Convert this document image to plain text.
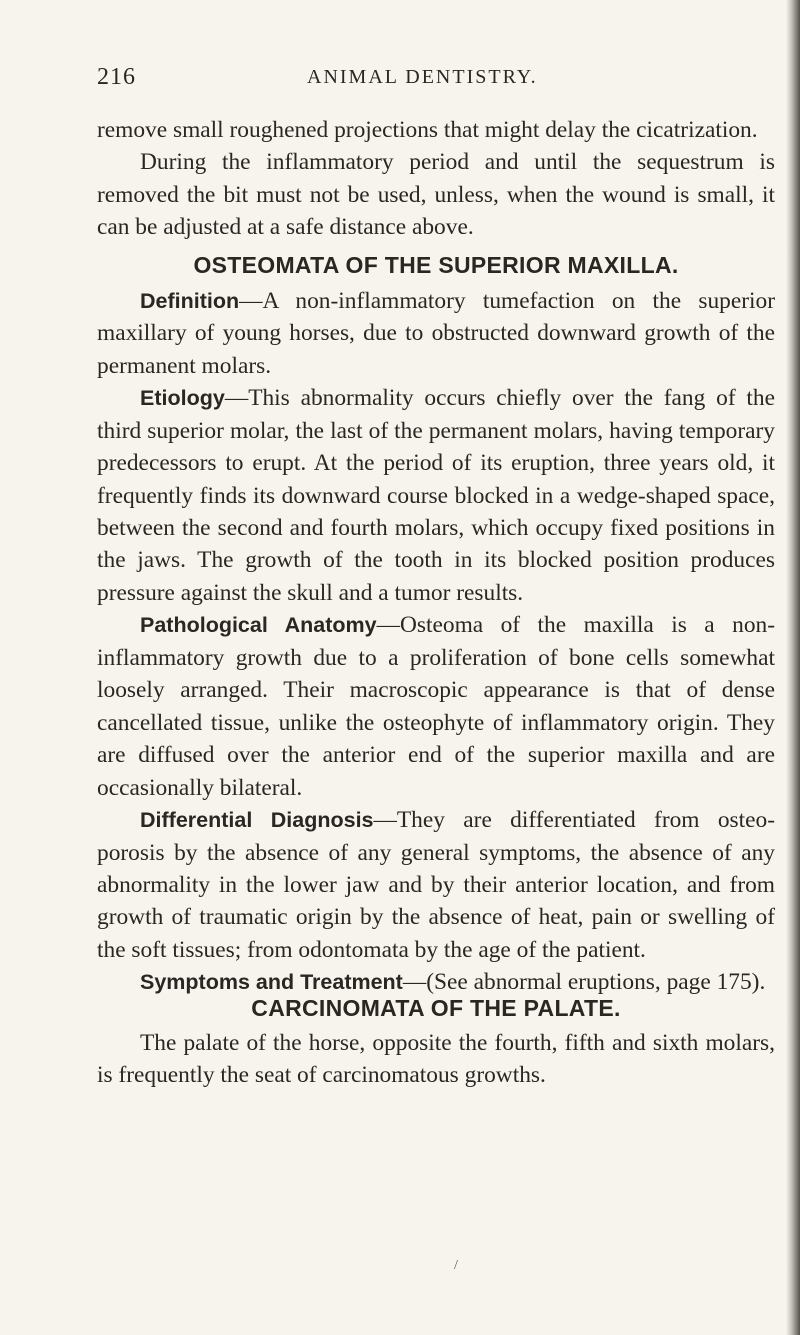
216	ANIMAL DENTISTRY.

remove small roughened projections that might delay the cicatrization.

During the inflammatory period and until the sequestrum is removed the bit must not be used, unless, when the wound is small, it can be adjusted at a safe distance above.

OSTEOMATA OF THE SUPERIOR MAXILLA.

Definition—A non-inflammatory tumefaction on the superior maxillary of young horses, due to obstructed downward growth of the permanent molars.

Etiology—This abnormality occurs chiefly over the fang of the third superior molar, the last of the permanent molars, having temporary predecessors to erupt. At the period of its eruption, three years old, it frequently finds its downward course blocked in a wedge-shaped space, between the second and fourth molars, which occupy fixed positions in the jaws. The growth of the tooth in its blocked position produces pressure against the skull and a tumor results.

Pathological Anatomy—Osteoma of the maxilla is a non-inflammatory growth due to a proliferation of bone cells somewhat loosely arranged. Their macroscopic appearance is that of dense cancellated tissue, unlike the osteophyte of inflammatory origin. They are diffused over the anterior end of the superior maxilla and are occasionally bilateral.

Differential Diagnosis—They are differentiated from osteo-porosis by the absence of any general symptoms, the absence of any abnormality in the lower jaw and by their anterior location, and from growth of traumatic origin by the absence of heat, pain or swelling of the soft tissues; from odontomata by the age of the patient.

Symptoms and Treatment—(See abnormal eruptions, page 175).

CARCINOMATA OF THE PALATE.

The palate of the horse, opposite the fourth, fifth and sixth molars, is frequently the seat of carcinomatous growths.

/
